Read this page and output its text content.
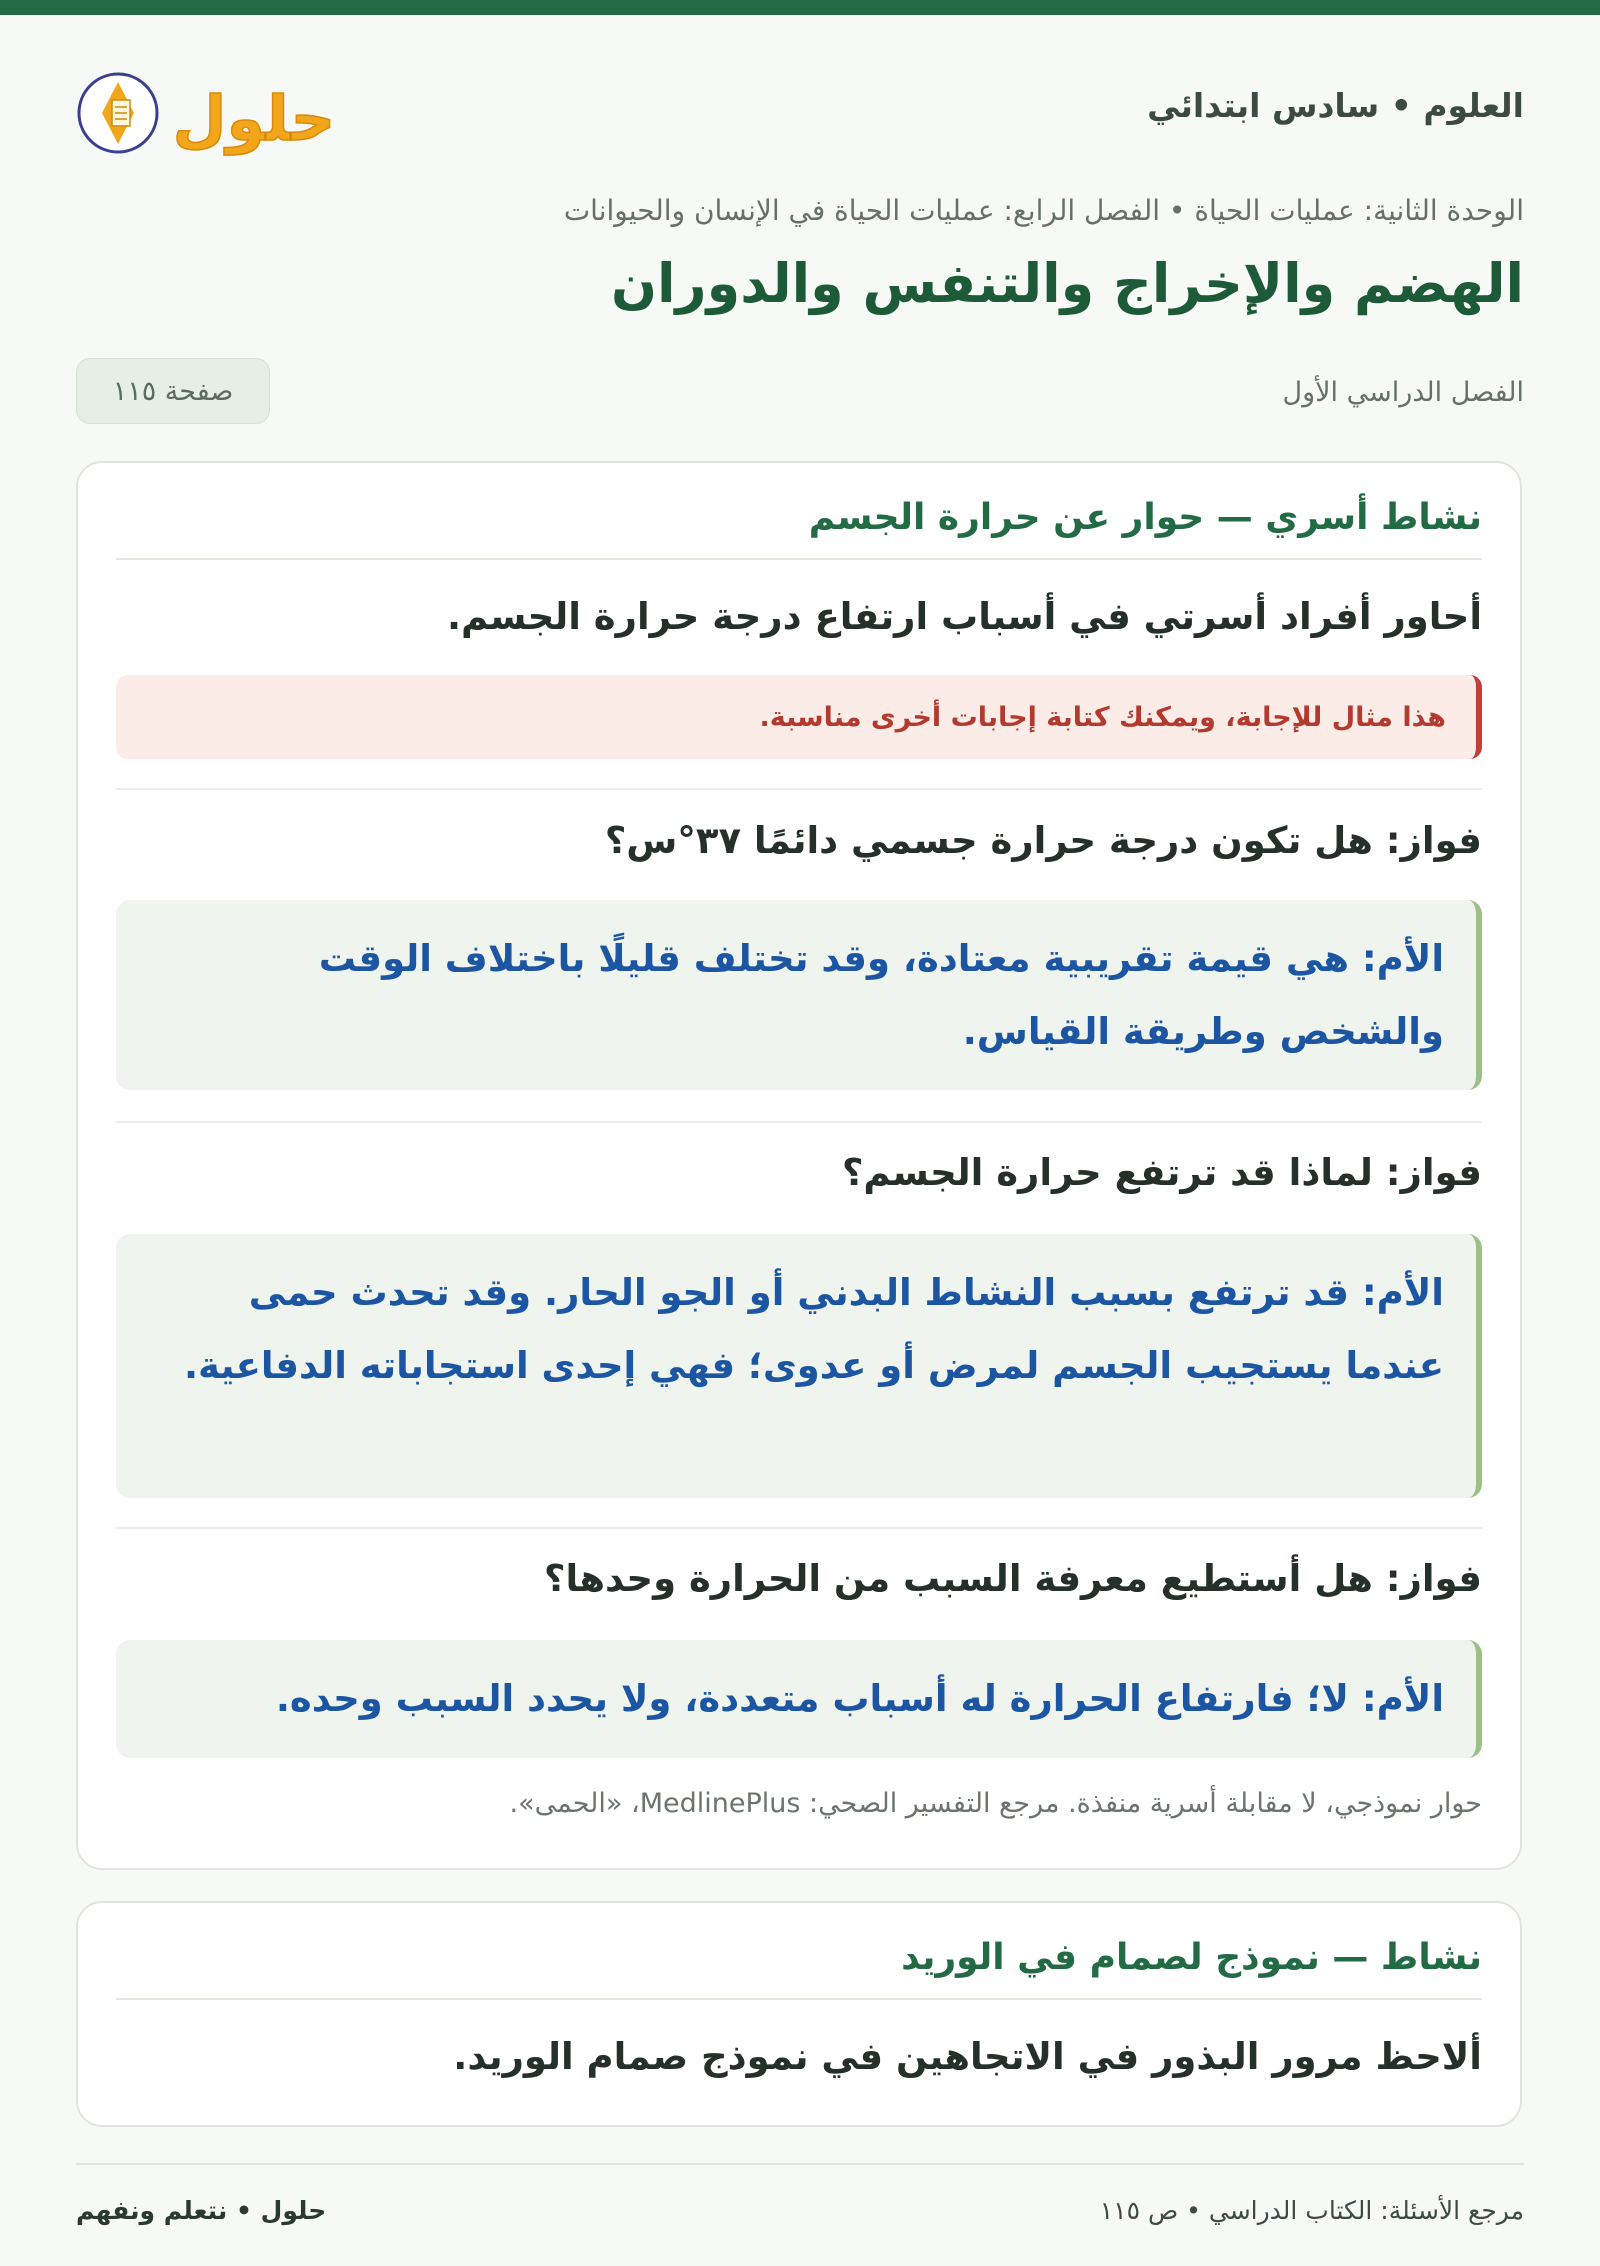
العلوم • سادس ابتدائي
حلول
الوحدة الثانية: عمليات الحياة • الفصل الرابع: عمليات الحياة في الإنسان والحيوانات
الهضم والإخراج والتنفس والدوران
الفصل الدراسي الأول
صفحة ١١٥
نشاط أسري — حوار عن حرارة الجسم

أحاور أفراد أسرتي في أسباب ارتفاع درجة حرارة الجسم.

هذا مثال للإجابة، ويمكنك كتابة إجابات أخرى مناسبة.

فواز: هل تكون درجة حرارة جسمي دائمًا ٣٧°س؟

الأم: هي قيمة تقريبية معتادة، وقد تختلف قليلًا باختلاف الوقت والشخص وطريقة القياس.

فواز: لماذا قد ترتفع حرارة الجسم؟

الأم: قد ترتفع بسبب النشاط البدني أو الجو الحار. وقد تحدث حمى عندما يستجيب الجسم لمرض أو عدوى؛ فهي إحدى استجاباته الدفاعية.

فواز: هل أستطيع معرفة السبب من الحرارة وحدها؟

الأم: لا؛ فارتفاع الحرارة له أسباب متعددة، ولا يحدد السبب وحده.
حوار نموذجي، لا مقابلة أسرية منفذة. مرجع التفسير الصحي: MedlinePlus، «الحمى».
نشاط — نموذج لصمام في الوريد

ألاحظ مرور البذور في الاتجاهين في نموذج صمام الوريد.

مرجع الأسئلة: الكتاب الدراسي • ص ١١٥
حلول • نتعلم ونفهم
